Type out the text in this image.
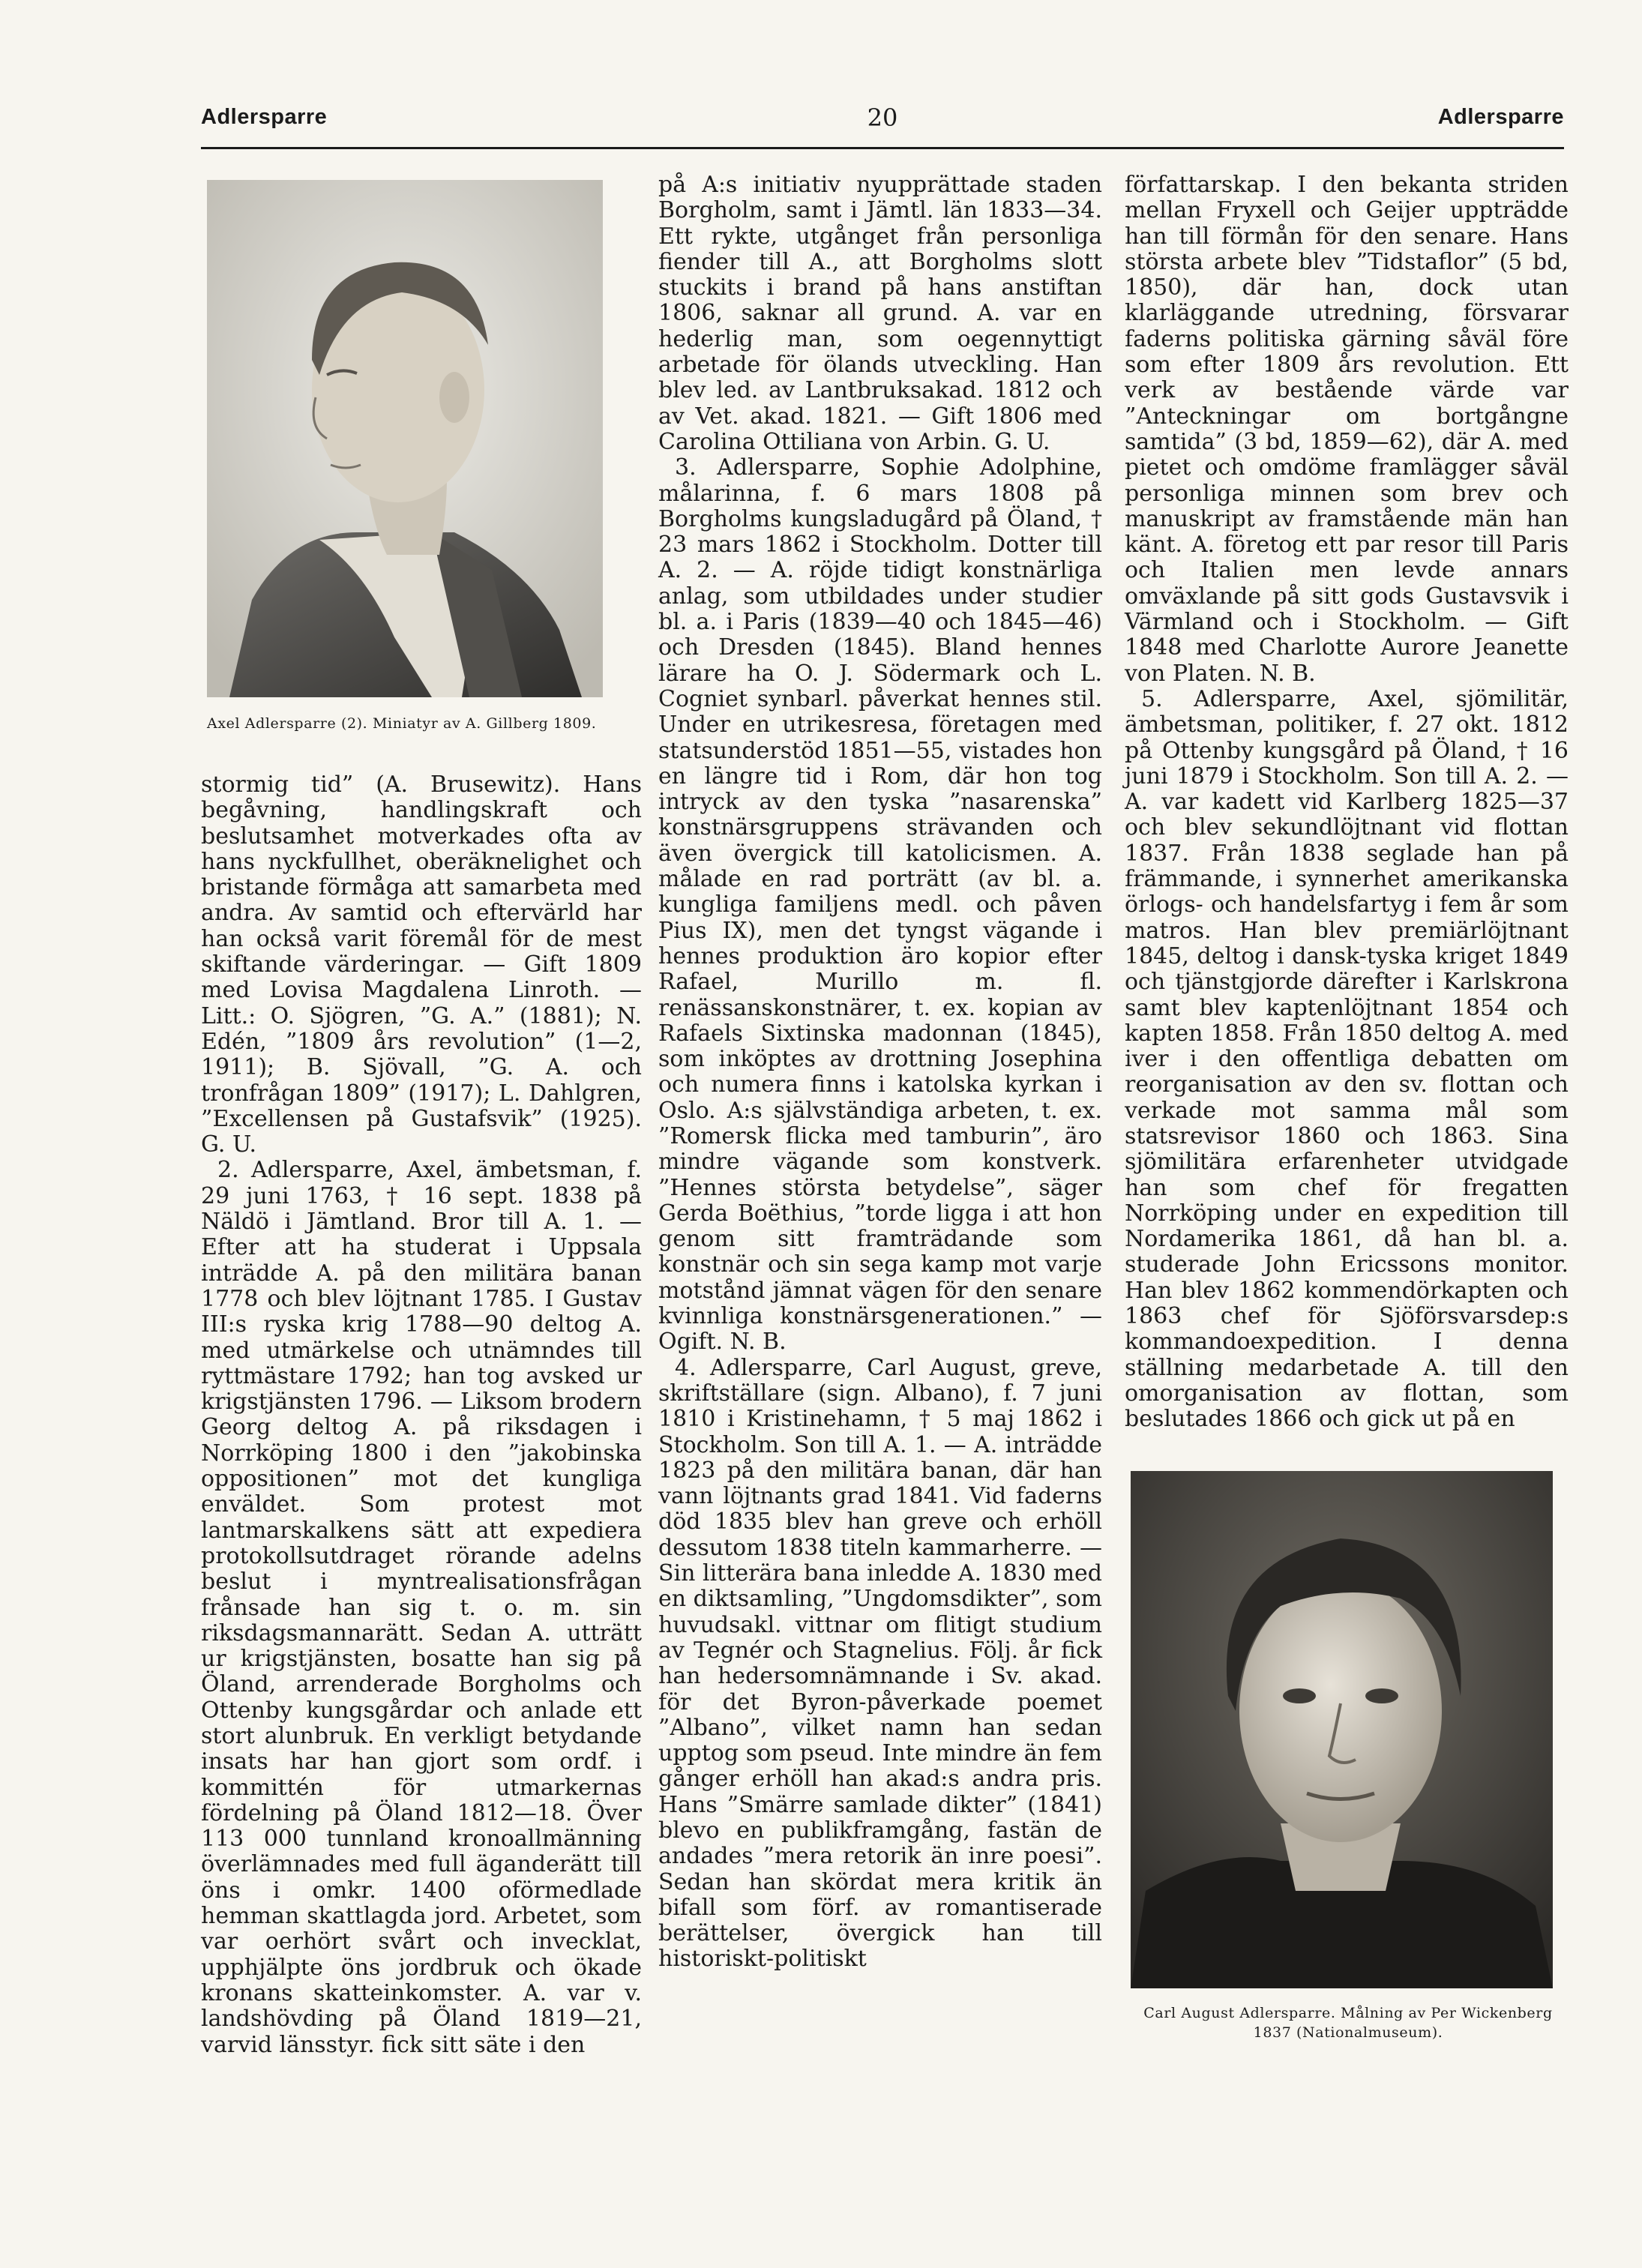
Adlersparre	20	Adlersparre
Axel Adlersparre (2). Miniatyr av A. Gillberg 1809.
Carl August Adlersparre. Målning av Per Wickenberg 1837 (Nationalmuseum).

stormig tid” (A. Brusewitz). Hans begåvning, handlingskraft och beslutsamhet motverkades ofta av hans nyckfullhet, oberäknelighet och bristande förmåga att samarbeta med andra. Av samtid och eftervärld har han också varit föremål för de mest skiftande värderingar. — Gift 1809 med Lovisa Magdalena Linroth. — Litt.: O. Sjögren, ”G. A.” (1881); N. Edén, ”1809 års revolution” (1—2, 1911); B. Sjövall, ”G. A. och tronfrågan 1809” (1917); L. Dahlgren, ”Excellensen på Gustafsvik” (1925). G. U.

2. Adlersparre, Axel, ämbetsman, f. 29 juni 1763, † 16 sept. 1838 på Näldö i Jämtland. Bror till A. 1. — Efter att ha studerat i Uppsala inträdde A. på den militära banan 1778 och blev löjtnant 1785. I Gustav III:s ryska krig 1788—90 deltog A. med utmärkelse och utnämndes till ryttmästare 1792; han tog avsked ur krigstjänsten 1796. — Liksom brodern Georg deltog A. på riksdagen i Norrköping 1800 i den ”jakobinska oppositionen” mot det kungliga enväldet. Som protest mot lantmarskalkens sätt att expediera protokollsutdraget rörande adelns beslut i myntrealisationsfrågan frånsade han sig t. o. m. sin riksdagsmannarätt. Sedan A. utträtt ur krigstjänsten, bosatte han sig på Öland, arrenderade Borgholms och Ottenby kungsgårdar och anlade ett stort alunbruk. En verkligt betydande insats har han gjort som ordf. i kommittén för utmarkernas fördelning på Öland 1812—18. Över 113 000 tunnland kronoallmänning överlämnades med full äganderätt till öns i omkr. 1400 oförmedlade hemman skattlagda jord. Arbetet, som var oerhört svårt och invecklat, upphjälpte öns jordbruk och ökade kronans skatteinkomster. A. var v. landshövding på Öland 1819—21, varvid länsstyr. fick sitt säte i den

på A:s initiativ nyupprättade staden Borgholm, samt i Jämtl. län 1833—34. Ett rykte, utgånget från personliga fiender till A., att Borgholms slott stuckits i brand på hans anstiftan 1806, saknar all grund. A. var en hederlig man, som oegennyttigt arbetade för ölands utveckling. Han blev led. av Lantbruksakad. 1812 och av Vet. akad. 1821. — Gift 1806 med Carolina Ottiliana von Arbin. G. U.

3. Adlersparre, Sophie Adolphine, målarinna, f. 6 mars 1808 på Borgholms kungsladugård på Öland, † 23 mars 1862 i Stockholm. Dotter till A. 2. — A. röjde tidigt konstnärliga anlag, som utbildades under studier bl. a. i Paris (1839—40 och 1845—46) och Dresden (1845). Bland hennes lärare ha O. J. Södermark och L. Cogniet synbarl. påverkat hennes stil. Under en utrikesresa, företagen med statsunderstöd 1851—55, vistades hon en längre tid i Rom, där hon tog intryck av den tyska ”nasarenska” konstnärsgruppens strävanden och även övergick till katolicismen. A. målade en rad porträtt (av bl. a. kungliga familjens medl. och påven Pius IX), men det tyngst vägande i hennes produktion äro kopior efter Rafael, Murillo m. fl. renässanskonstnärer, t. ex. kopian av Rafaels Sixtinska madonnan (1845), som inköptes av drottning Josephina och numera finns i katolska kyrkan i Oslo. A:s självständiga arbeten, t. ex. ”Romersk flicka med tamburin”, äro mindre vägande som konstverk. ”Hennes största betydelse”, säger Gerda Boëthius, ”torde ligga i att hon genom sitt framträdande som konstnär och sin sega kamp mot varje motstånd jämnat vägen för den senare kvinnliga konstnärsgenerationen.” — Ogift. N. B.

4. Adlersparre, Carl August, greve, skriftställare (sign. Albano), f. 7 juni 1810 i Kristinehamn, † 5 maj 1862 i Stockholm. Son till A. 1. — A. inträdde 1823 på den militära banan, där han vann löjtnants grad 1841. Vid faderns död 1835 blev han greve och erhöll dessutom 1838 titeln kammarherre. — Sin litterära bana inledde A. 1830 med en diktsamling, ”Ungdomsdikter”, som huvudsakl. vittnar om flitigt studium av Tegnér och Stagnelius. Följ. år fick han hedersomnämnande i Sv. akad. för det Byron-påverkade poemet ”Albano”, vilket namn han sedan upptog som pseud. Inte mindre än fem gånger erhöll han akad:s andra pris. Hans ”Smärre samlade dikter” (1841) blevo en publikframgång, fastän de andades ”mera retorik än inre poesi”. Sedan han skördat mera kritik än bifall som förf. av romantiserade berättelser, övergick han till historiskt-politiskt

författarskap. I den bekanta striden mellan Fryxell och Geijer uppträdde han till förmån för den senare. Hans största arbete blev ”Tidstaflor” (5 bd, 1850), där han, dock utan klarläggande utredning, försvarar faderns politiska gärning såväl före som efter 1809 års revolution. Ett verk av bestående värde var ”Anteckningar om bortgångne samtida” (3 bd, 1859—62), där A. med pietet och omdöme framlägger såväl personliga minnen som brev och manuskript av framstående män han känt. A. företog ett par resor till Paris och Italien men levde annars omväxlande på sitt gods Gustavsvik i Värmland och i Stockholm. — Gift 1848 med Charlotte Aurore Jeanette von Platen. N. B.

5. Adlersparre, Axel, sjömilitär, ämbetsman, politiker, f. 27 okt. 1812 på Ottenby kungsgård på Öland, † 16 juni 1879 i Stockholm. Son till A. 2. — A. var kadett vid Karlberg 1825—37 och blev sekundlöjtnant vid flottan 1837. Från 1838 seglade han på främmande, i synnerhet amerikanska örlogs- och handelsfartyg i fem år som matros. Han blev premiärlöjtnant 1845, deltog i dansk-tyska kriget 1849 och tjänstgjorde därefter i Karlskrona samt blev kaptenlöjtnant 1854 och kapten 1858. Från 1850 deltog A. med iver i den offentliga debatten om reorganisation av den sv. flottan och verkade mot samma mål som statsrevisor 1860 och 1863. Sina sjömilitära erfarenheter utvidgade han som chef för fregatten Norrköping under en expedition till Nordamerika 1861, då han bl. a. studerade John Ericssons monitor. Han blev 1862 kommendörkapten och 1863 chef för Sjöförsvarsdep:s kommandoexpedition. I denna ställning medarbetade A. till den omorganisation av flottan, som beslutades 1866 och gick ut på en
